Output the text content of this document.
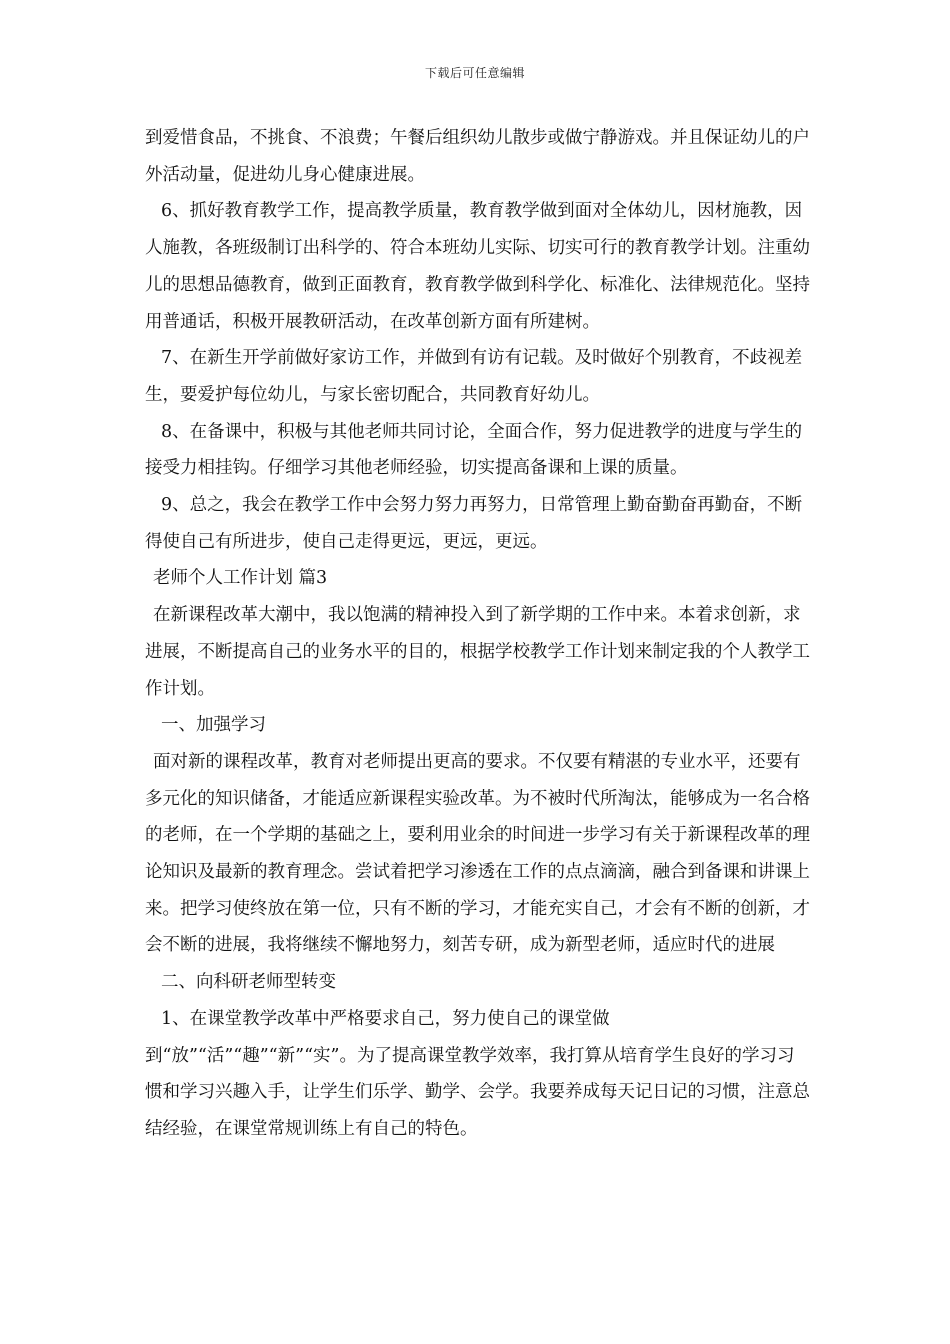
下载后可任意编辑

到爱惜食品，不挑食、不浪费；午餐后组织幼儿散步或做宁静游戏。并且保证幼儿的户外活动量，促进幼儿身心健康进展。

6、抓好教育教学工作，提高教学质量，教育教学做到面对全体幼儿，因材施教，因人施教，各班级制订出科学的、符合本班幼儿实际、切实可行的教育教学计划。注重幼儿的思想品德教育，做到正面教育，教育教学做到科学化、标准化、法律规范化。坚持用普通话，积极开展教研活动，在改革创新方面有所建树。

7、在新生开学前做好家访工作，并做到有访有记载。及时做好个别教育，不歧视差生，要爱护每位幼儿，与家长密切配合，共同教育好幼儿。

8、在备课中，积极与其他老师共同讨论，全面合作，努力促进教学的进度与学生的接受力相挂钩。仔细学习其他老师经验，切实提高备课和上课的质量。

9、总之，我会在教学工作中会努力努力再努力，日常管理上勤奋勤奋再勤奋，不断得使自己有所进步，使自己走得更远，更远，更远。

老师个人工作计划 篇3

在新课程改革大潮中，我以饱满的精神投入到了新学期的工作中来。本着求创新，求进展，不断提高自己的业务水平的目的，根据学校教学工作计划来制定我的个人教学工作计划。

一、加强学习

面对新的课程改革，教育对老师提出更高的要求。不仅要有精湛的专业水平，还要有多元化的知识储备，才能适应新课程实验改革。为不被时代所淘汰，能够成为一名合格的老师，在一个学期的基础之上，要利用业余的时间进一步学习有关于新课程改革的理论知识及最新的教育理念。尝试着把学习渗透在工作的点点滴滴，融合到备课和讲课上来。把学习使终放在第一位，只有不断的学习，才能充实自己，才会有不断的创新，才会不断的进展，我将继续不懈地努力，刻苦专研，成为新型老师，适应时代的进展

二、向科研老师型转变

1、在课堂教学改革中严格要求自己，努力使自己的课堂做到“放”“活”“趣”“新”“实”。为了提高课堂教学效率，我打算从培育学生良好的学习习惯和学习兴趣入手，让学生们乐学、勤学、会学。我要养成每天记日记的习惯，注意总结经验，在课堂常规训练上有自己的特色。
